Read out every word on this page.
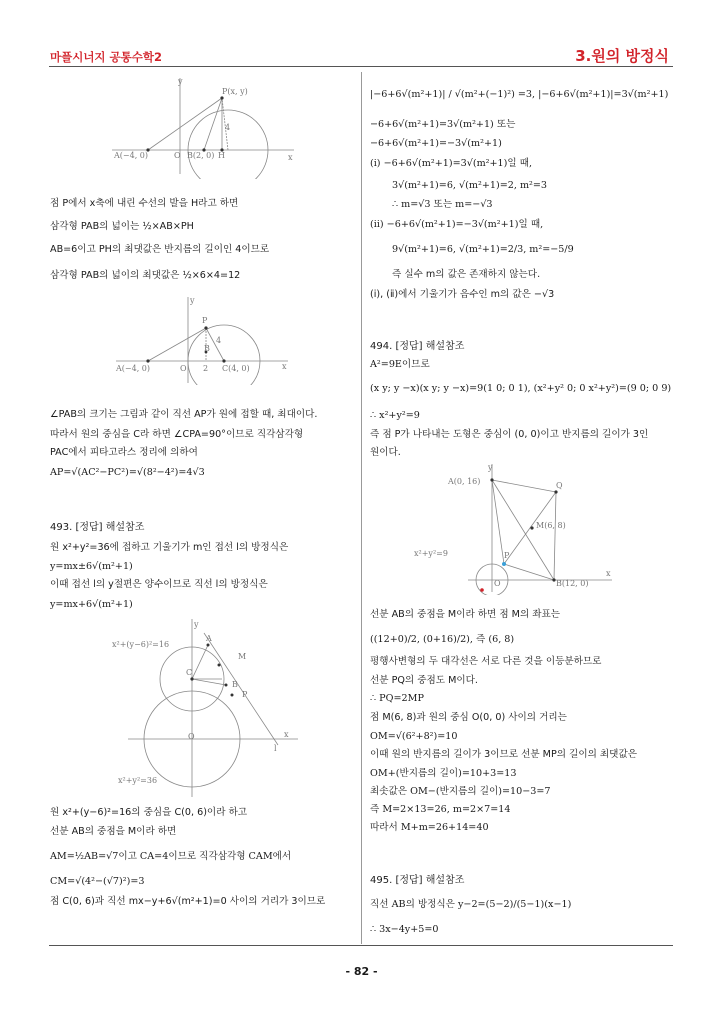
마플시너지 공통수학2	3.원의 방정식
- 82 -
y
x
P(x, y)
A(−4, 0)	O B(2, 0) H
4
점 P에서 x축에 내린 수선의 발을 H라고 하면
삼각형 PAB의 넓이는 ½×AB×PH
AB=6이고 PH의 최댓값은 반지름의 길이인 4이므로
삼각형 PAB의 넓이의 최댓값은 ½×6×4=12
y
x
P
B
A(−4, 0)	O 2 C(4, 0)
4
∠PAB의 크기는 그림과 같이 직선 AP가 원에 접할 때, 최대이다.
따라서 원의 중심을 C라 하면 ∠CPA=90°이므로 직각삼각형
PAC에서 피타고라스 정리에 의하여
AP=√(AC²−PC²)=√(8²−4²)=4√3
493. [정답] 해설참조
원 x²+y²=36에 접하고 기울기가 m인 접선 l의 방정식은
y=mx±6√(m²+1)
이때 접선 l의 y절편은 양수이므로 직선 l의 방정식은
y=mx+6√(m²+1)
x²+(y−6)²=16
A
M
C
B
P
O	x
y
l
x²+y²=36
원 x²+(y−6)²=16의 중심을 C(0, 6)이라 하고
선분 AB의 중점을 M이라 하면
AM=½AB=√7이고 CA=4이므로 직각삼각형 CAM에서
CM=√(4²−(√7)²)=3
점 C(0, 6)과 직선 mx−y+6√(m²+1)=0 사이의 거리가 3이므로
|−6+6√(m²+1)| / √(m²+(−1)²) =3, |−6+6√(m²+1)|=3√(m²+1)
−6+6√(m²+1)=3√(m²+1) 또는
−6+6√(m²+1)=−3√(m²+1)
(ⅰ) −6+6√(m²+1)=3√(m²+1)일 때,
3√(m²+1)=6, √(m²+1)=2, m²=3
∴ m=√3 또는 m=−√3
(ⅱ) −6+6√(m²+1)=−3√(m²+1)일 때,
9√(m²+1)=6, √(m²+1)=2/3, m²=−5/9
즉 실수 m의 값은 존재하지 않는다.
(ⅰ), (ⅱ)에서 기울기가 음수인 m의 값은 −√3
494. [정답] 해설참조
A²=9E이므로
(x y; y −x)(x y; y −x)=9(1 0; 0 1), (x²+y² 0; 0 x²+y²)=(9 0; 0 9)
∴ x²+y²=9
즉 점 P가 나타내는 도형은 중심이 (0, 0)이고 반지름의 길이가 3인
원이다.
y
A(0, 16)	Q
M(6, 8)
x²+y²=9	P
O	B(12, 0)
x
선분 AB의 중점을 M이라 하면 점 M의 좌표는
((12+0)/2, (0+16)/2), 즉 (6, 8)
평행사변형의 두 대각선은 서로 다른 것을 이등분하므로
선분 PQ의 중점도 M이다.
∴ PQ=2MP
점 M(6, 8)과 원의 중심 O(0, 0) 사이의 거리는
OM=√(6²+8²)=10
이때 원의 반지름의 길이가 3이므로 선분 MP의 길이의 최댓값은
OM+(반지름의 길이)=10+3=13
최솟값은 OM−(반지름의 길이)=10−3=7
즉 M=2×13=26, m=2×7=14
따라서 M+m=26+14=40
495. [정답] 해설참조
직선 AB의 방정식은 y−2=(5−2)/(5−1)(x−1)
∴ 3x−4y+5=0
